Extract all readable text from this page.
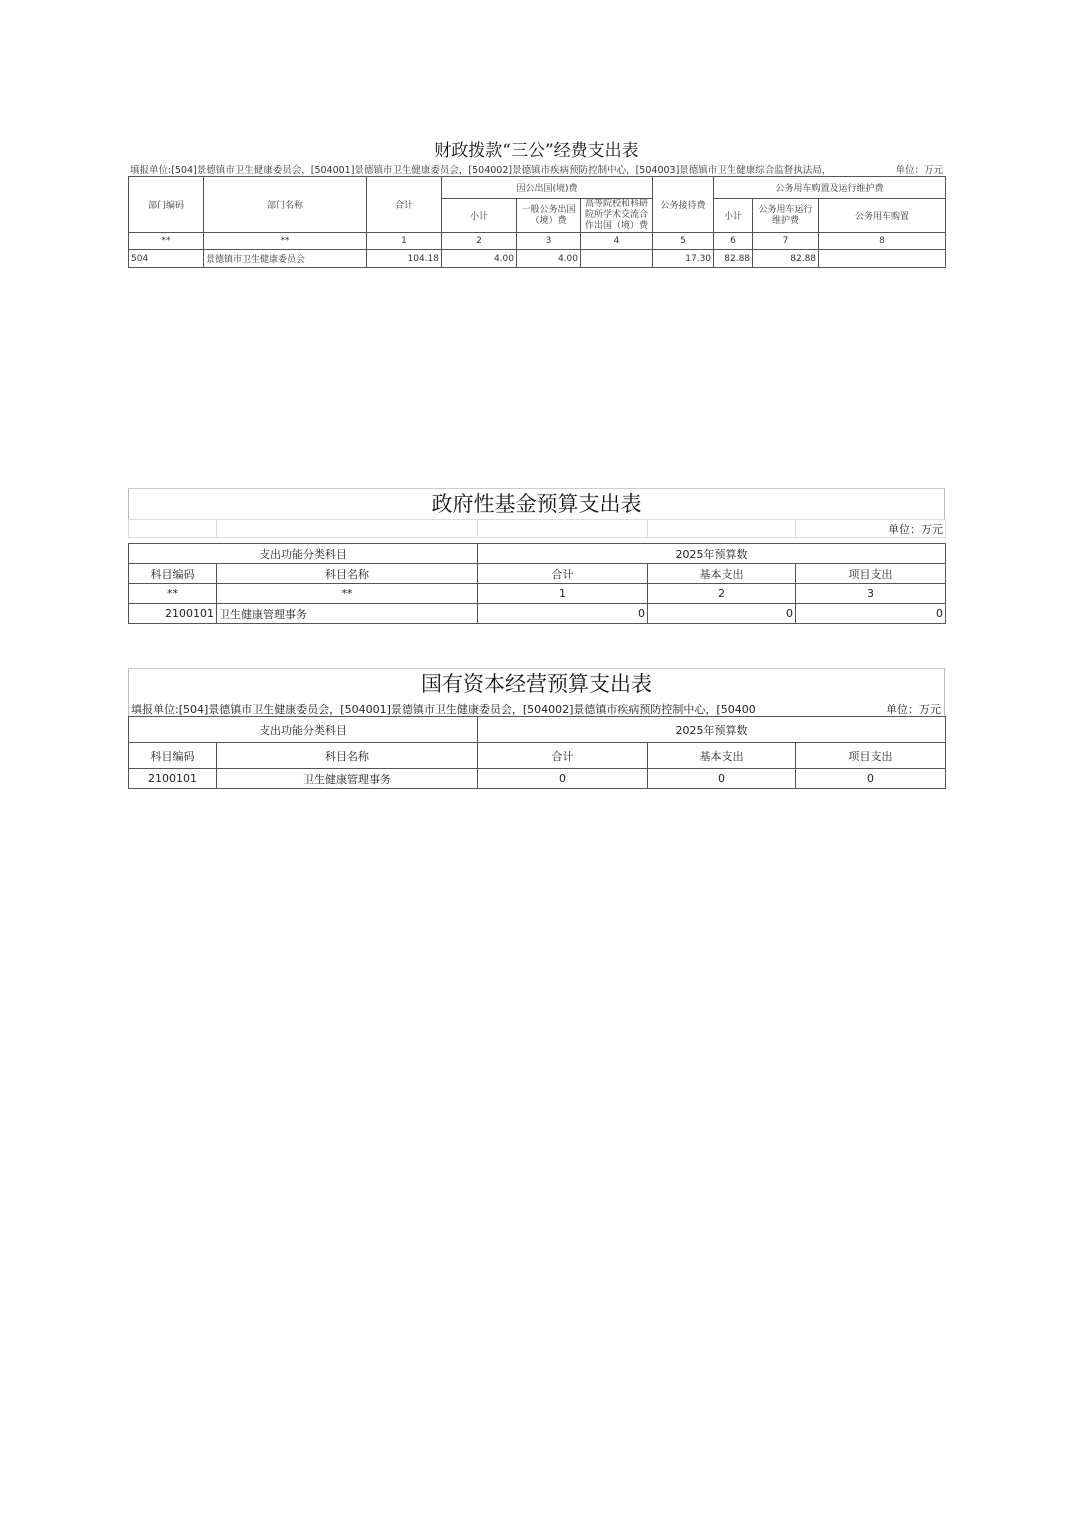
财政拨款“三公”经费支出表
填报单位:[504]景德镇市卫生健康委员会，[504001]景德镇市卫生健康委员会，[504002]景德镇市疾病预防控制中心，[504003]景德镇市卫生健康综合监督执法局，	单位：万元
部门编码	部门名称	合计	因公出国(境)费			公务接待费	公务用车购置及运行维护费		
			小计	一般公务出国（境）费	高等院校和科研院所学术交流合作出国（境）费		小计	公务用车运行维护费	公务用车购置
**	**	1	2	3	4	5	6	7	8
504	景德镇市卫生健康委员会	104.18	4.00	4.00		17.30	82.88	82.88	
政府性基金预算支出表
				单位：万元

支出功能分类科目		2025年预算数		
科目编码	科目名称	合计	基本支出	项目支出
**	**	1	2	3
2100101	卫生健康管理事务	0	0	0
国有资本经营预算支出表
填报单位:[504]景德镇市卫生健康委员会，[504001]景德镇市卫生健康委员会，[504002]景德镇市疾病预防控制中心，[50400	单位：万元
支出功能分类科目		2025年预算数		
科目编码	科目名称	合计	基本支出	项目支出
2100101	卫生健康管理事务	0	0	0
